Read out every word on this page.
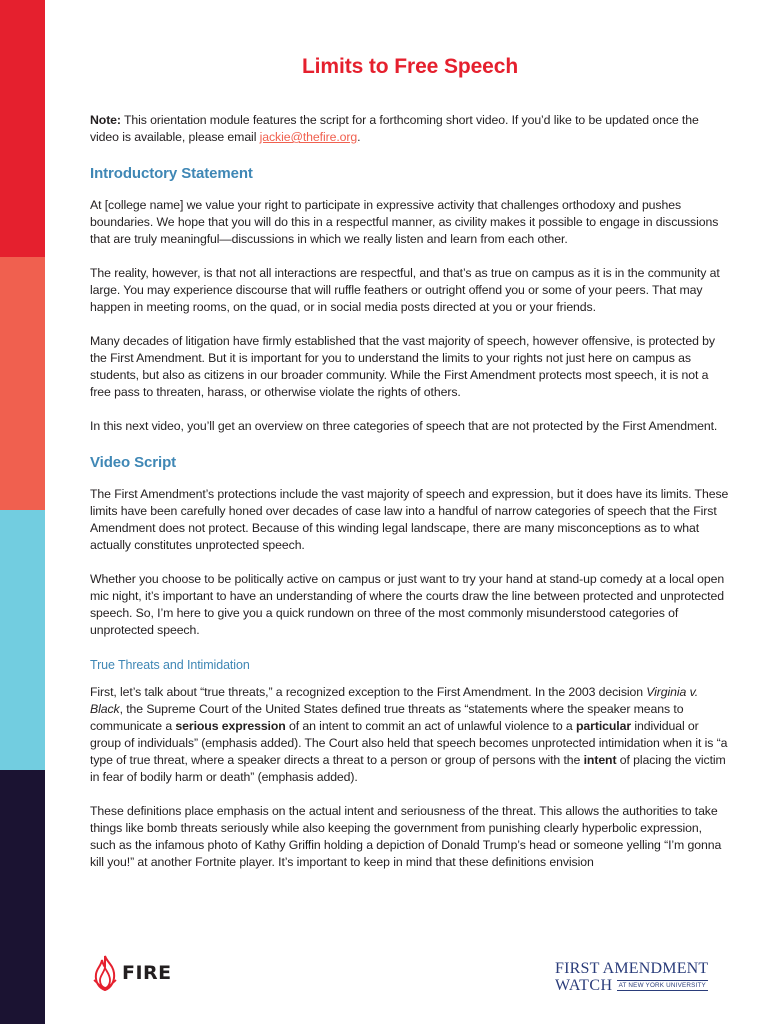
Limits to Free Speech

Note: This orientation module features the script for a forthcoming short video. If you’d like to be updated once the video is available, please email jackie@thefire.org.

Introductory Statement

At [college name] we value your right to participate in expressive activity that challenges orthodoxy and pushes boundaries. We hope that you will do this in a respectful manner, as civility makes it possible to engage in discussions that are truly meaningful—discussions in which we really listen and learn from each other.

The reality, however, is that not all interactions are respectful, and that’s as true on campus as it is in the community at large. You may experience discourse that will ruffle feathers or outright offend you or some of your peers. That may happen in meeting rooms, on the quad, or in social media posts directed at you or your friends.

Many decades of litigation have firmly established that the vast majority of speech, however offensive, is protected by the First Amendment. But it is important for you to understand the limits to your rights not just here on campus as students, but also as citizens in our broader community. While the First Amendment protects most speech, it is not a free pass to threaten, harass, or otherwise violate the rights of others.

In this next video, you’ll get an overview on three categories of speech that are not protected by the First Amendment.

Video Script

The First Amendment’s protections include the vast majority of speech and expression, but it does have its limits. These limits have been carefully honed over decades of case law into a handful of narrow categories of speech that the First Amendment does not protect. Because of this winding legal landscape, there are many misconceptions as to what actually constitutes unprotected speech.

Whether you choose to be politically active on campus or just want to try your hand at stand-up comedy at a local open mic night, it’s important to have an understanding of where the courts draw the line between protected and unprotected speech. So, I’m here to give you a quick rundown on three of the most commonly misunderstood categories of unprotected speech.

True Threats and Intimidation

First, let’s talk about “true threats,” a recognized exception to the First Amendment. In the 2003 decision Virginia v. Black, the Supreme Court of the United States defined true threats as “statements where the speaker means to communicate a serious expression of an intent to commit an act of unlawful violence to a particular individual or group of individuals” (emphasis added). The Court also held that speech becomes unprotected intimidation when it is “a type of true threat, where a speaker directs a threat to a person or group of persons with the intent of placing the victim in fear of bodily harm or death” (emphasis added).

These definitions place emphasis on the actual intent and seriousness of the threat. This allows the authorities to take things like bomb threats seriously while also keeping the government from punishing clearly hyperbolic expression, such as the infamous photo of Kathy Griffin holding a depiction of Donald Trump’s head or someone yelling “I’m gonna kill you!” at another Fortnite player. It’s important to keep in mind that these definitions envision

FIRE	FIRST AMENDMENT
WATCH AT NEW YORK UNIVERSITY
